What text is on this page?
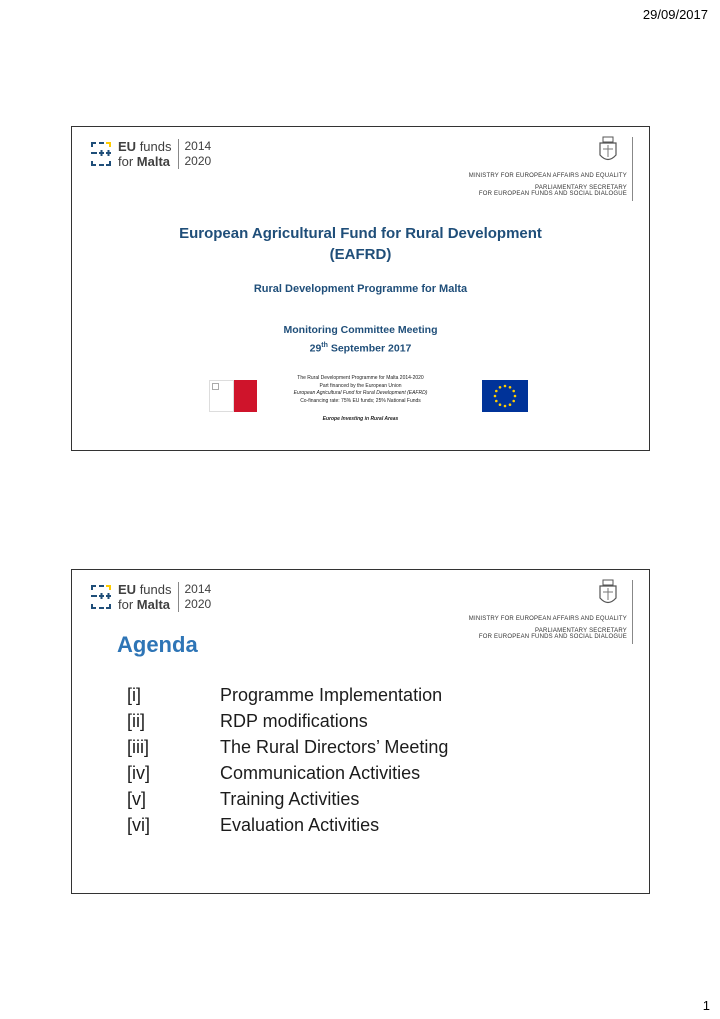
29/09/2017
EU funds
for Malta
2014
2020
MINISTRY FOR EUROPEAN AFFAIRS AND EQUALITY
PARLIAMENTARY SECRETARY
FOR EUROPEAN FUNDS AND SOCIAL DIALOGUE
European Agricultural Fund for Rural Development
(EAFRD)
Rural Development Programme for Malta
Monitoring Committee Meeting
29th September 2017
The Rural Development Programme for Malta 2014-2020
Part financed by the European Union
European Agricultural Fund for Rural Development (EAFRD)
Co-financing rate: 75% EU funds; 25% National Funds
Europe Investing in Rural Areas
EU funds
for Malta
2014
2020
MINISTRY FOR EUROPEAN AFFAIRS AND EQUALITY
PARLIAMENTARY SECRETARY
FOR EUROPEAN FUNDS AND SOCIAL DIALOGUE
Agenda
[i]	Programme Implementation
[ii]	RDP modifications
[iii]	The Rural Directors’ Meeting
[iv]	Communication Activities
[v]	Training Activities
[vi]	Evaluation Activities
1
